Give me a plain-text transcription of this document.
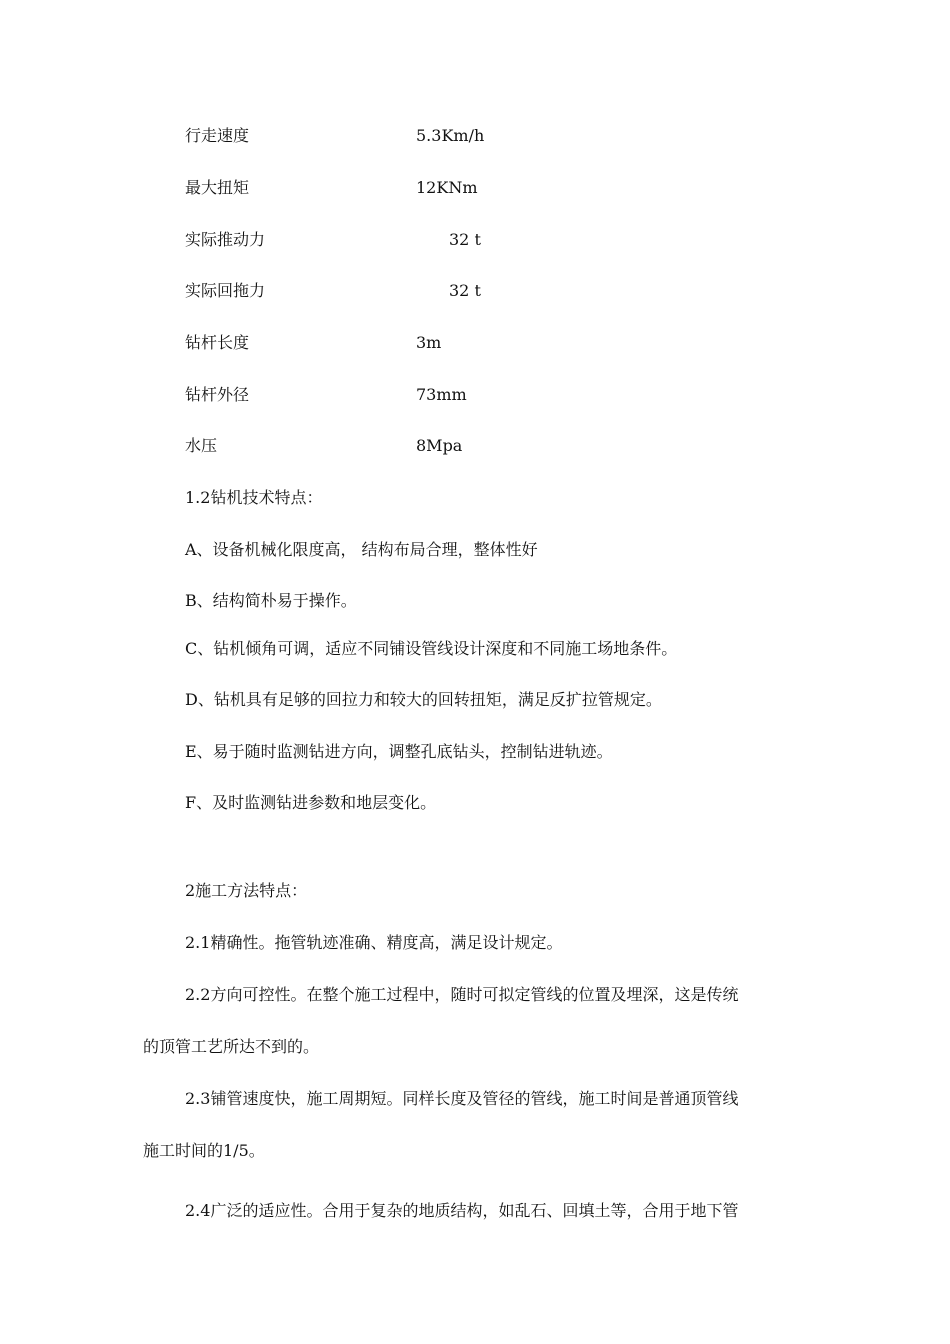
行走速度	5.3Km/h
最大扭矩	12KNm
实际推动力	32 t
实际回拖力	32 t
钻杆长度	3m
钻杆外径	73mm
水压	8Mpa
1.2钻机技术特点：
A、设备机械化限度高， 结构布局合理，整体性好
B、结构简朴易于操作。
C、钻机倾角可调，适应不同铺设管线设计深度和不同施工场地条件。
D、钻机具有足够的回拉力和较大的回转扭矩，满足反扩拉管规定。
E、易于随时监测钻进方向，调整孔底钻头，控制钻进轨迹。
F、及时监测钻进参数和地层变化。
2施工方法特点：
2.1精确性。拖管轨迹准确、精度高，满足设计规定。
2.2方向可控性。在整个施工过程中，随时可拟定管线的位置及埋深，这是传统
的顶管工艺所达不到的。
2.3铺管速度快，施工周期短。同样长度及管径的管线，施工时间是普通顶管线
施工时间的1/5。
2.4广泛的适应性。合用于复杂的地质结构，如乱石、回填土等，合用于地下管
